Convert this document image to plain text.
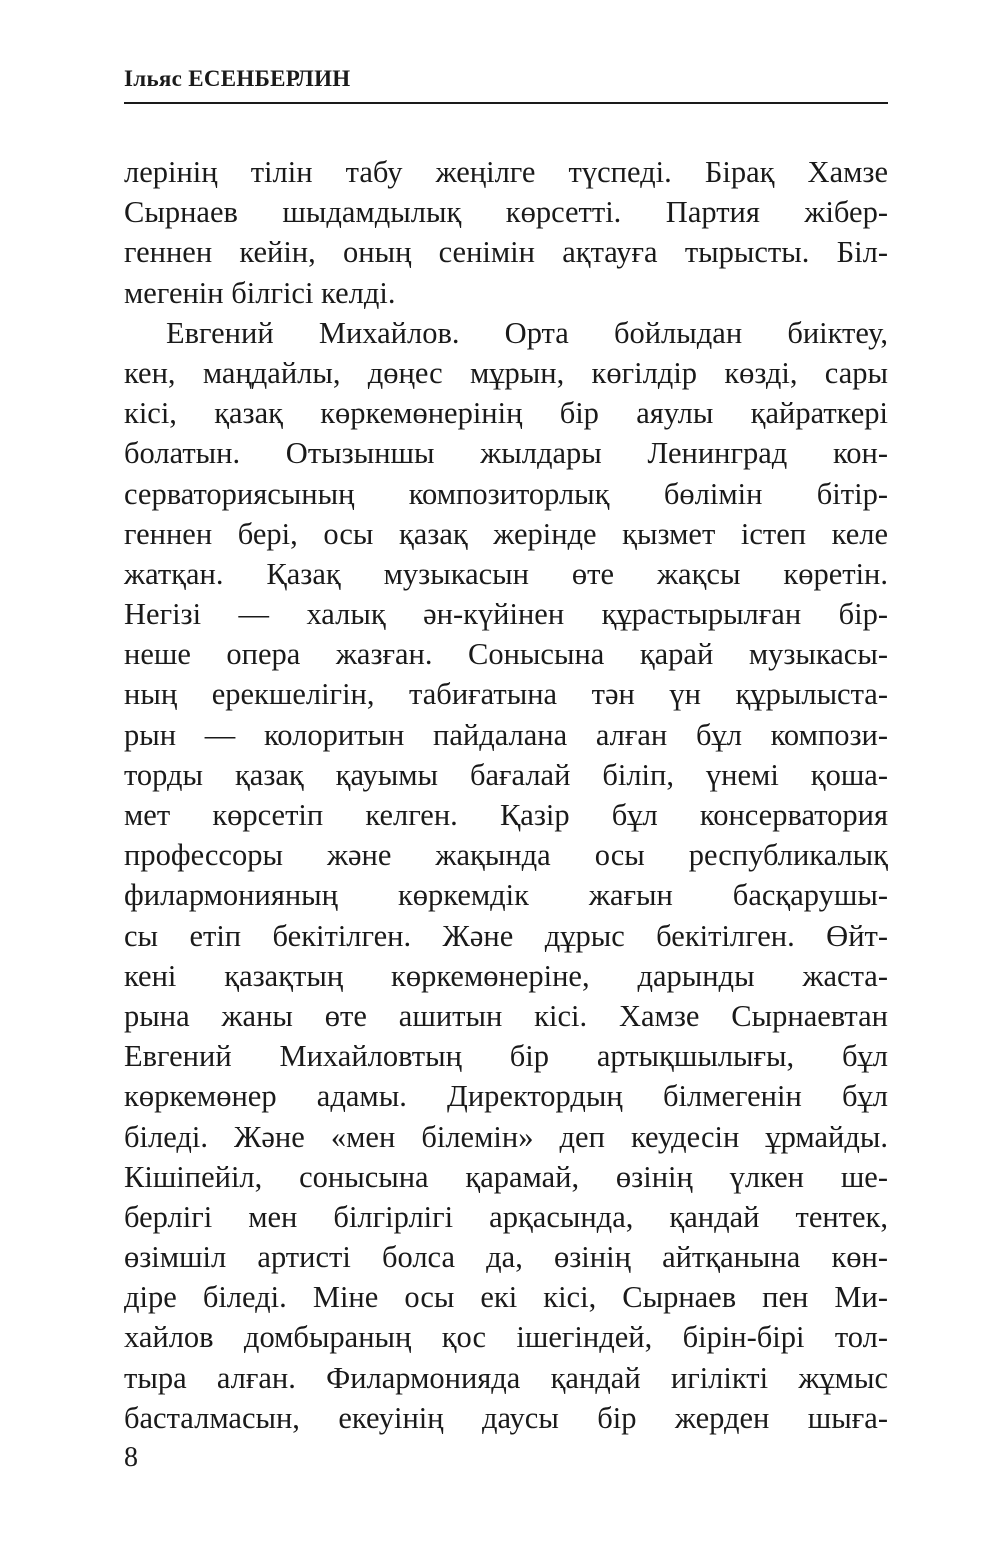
Ільяс ЕСЕНБЕРЛИН
лерінің тілін табу жеңілге түспеді. Бірақ Хамзе
Сырнаев шыдамдылық көрсетті. Партия жібер-
геннен кейін, оның сенімін ақтауға тырысты. Біл-
мегенін білгісі келді.
Евгений Михайлов. Орта бойлыдан биіктеу,
кен, маңдайлы, дөңес мұрын, көгілдір көзді, сары
кісі, қазақ көркемөнерінің бір аяулы қайраткері
болатын. Отызыншы жылдары Ленинград кон-
серваториясының композиторлық бөлімін бітір-
геннен бері, осы қазақ жерінде қызмет істеп келе
жатқан. Қазақ музыкасын өте жақсы көретін.
Негізі — халық ән-күйінен құрастырылған бір-
неше опера жазған. Сонысына қарай музыкасы-
ның ерекшелігін, табиғатына тән үн құрылыста-
рын — колоритын пайдалана алған бұл компози-
торды қазақ қауымы бағалай біліп, үнемі қоша-
мет көрсетіп келген. Қазір бұл консерватория
профессоры және жақында осы республикалық
филармонияның көркемдік жағын басқарушы-
сы етіп бекітілген. Және дұрыс бекітілген. Өйт-
кені қазақтың көркемөнеріне, дарынды жаста-
рына жаны өте ашитын кісі. Хамзе Сырнаевтан
Евгений Михайловтың бір артықшылығы, бұл
көркемөнер адамы. Директордың білмегенін бұл
біледі. Және «мен білемін» деп кеудесін ұрмайды.
Кішіпейіл, сонысына қарамай, өзінің үлкен ше-
берлігі мен білгірлігі арқасында, қандай тентек,
өзімшіл артисті болса да, өзінің айтқанына көн-
діре біледі. Міне осы екі кісі, Сырнаев пен Ми-
хайлов домбыраның қос ішегіндей, бірін-бірі тол-
тыра алған. Филармонияда қандай игілікті жұмыс
басталмасын, екеуінің даусы бір жерден шыға-
8
